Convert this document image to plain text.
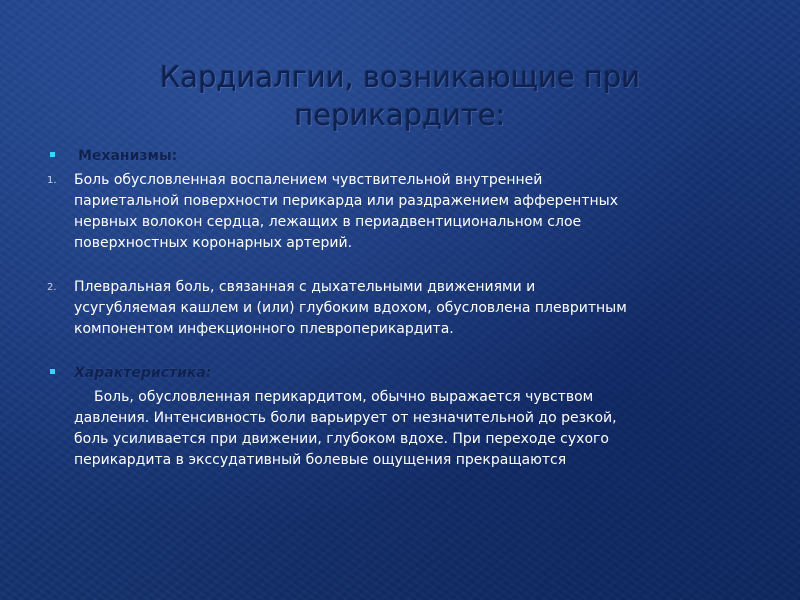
Кардиалгии, возникающие при
перикардите:
Механизмы:
1. Боль обусловленная воспалением чувствительной внутренней
париетальной поверхности перикарда или раздражением афферентных
нервных волокон сердца, лежащих в периадвентициональном слое
поверхностных коронарных артерий.
2. Плевральная боль, связанная с дыхательными движениями и
усугубляемая кашлем и (или) глубоким вдохом, обусловлена плевритным
компонентом инфекционного плевроперикардита.
Характеристика:
Боль, обусловленная перикардитом, обычно выражается чувством
давления. Интенсивность боли варьирует от незначительной до резкой,
боль усиливается при движении, глубоком вдохе. При переходе сухого
перикардита в экссудативный болевые ощущения прекращаются
